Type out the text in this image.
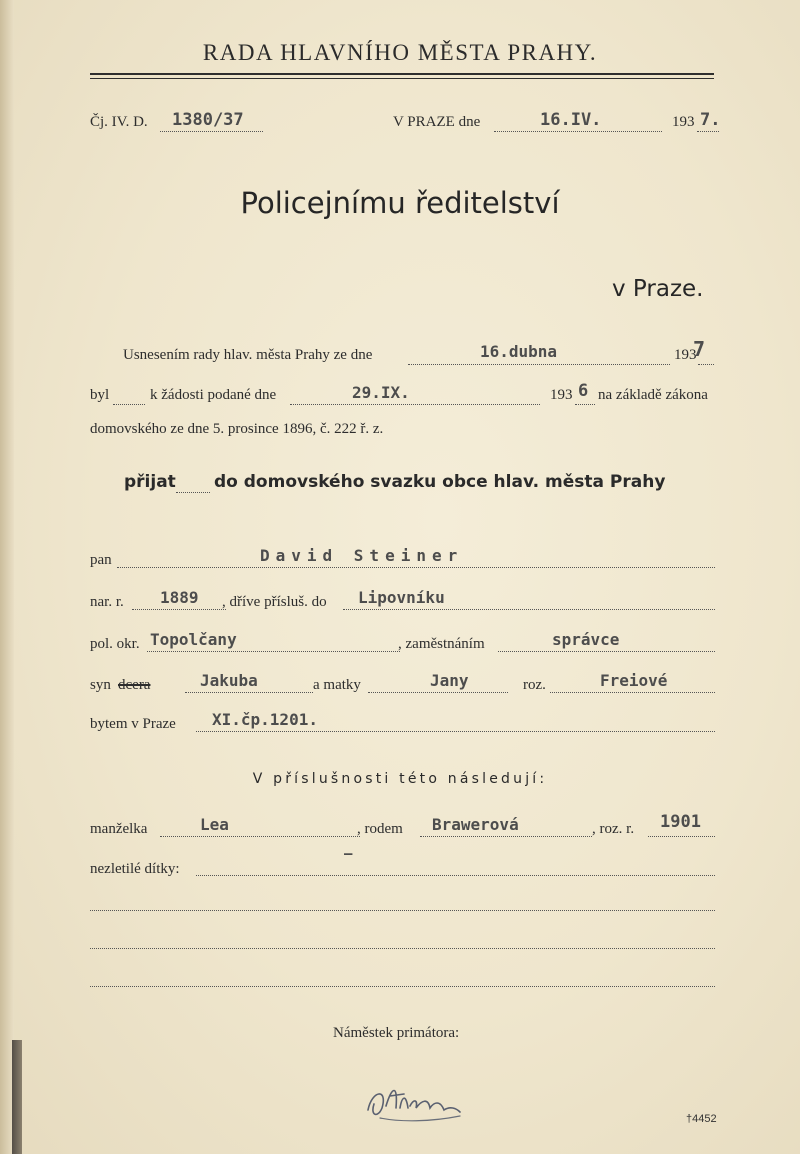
RADA HLAVNÍHO MĚSTA PRAHY.
Čj. IV. D. 1380/37	V PRAZE dne	16.IV.	193 7.
Policejnímu ředitelství
v Praze.
Usnesením rady hlav. města Prahy ze dne	16.dubna	193
7
byl	k žádosti podané dne	29.IX.	193 6 na základě zákona
domovského ze dne 5. prosince 1896, č. 222 ř. z.
přijat do domovského svazku obce hlav. města Prahy
pan	David Steiner
nar. r. 1889 , dříve přísluš. do Lipovníku
pol. okr. Topolčany	, zaměstnáním	správce
syn dcera	Jakuba	a matky	Jany	roz.	Freiové
bytem v Praze XI.čp.1201.
V příslušnosti této následují:
manželka	Lea	, rodem Brawerová	, roz. r. 1901
nezletilé dítky:
—
Náměstek primátora:
†4452
